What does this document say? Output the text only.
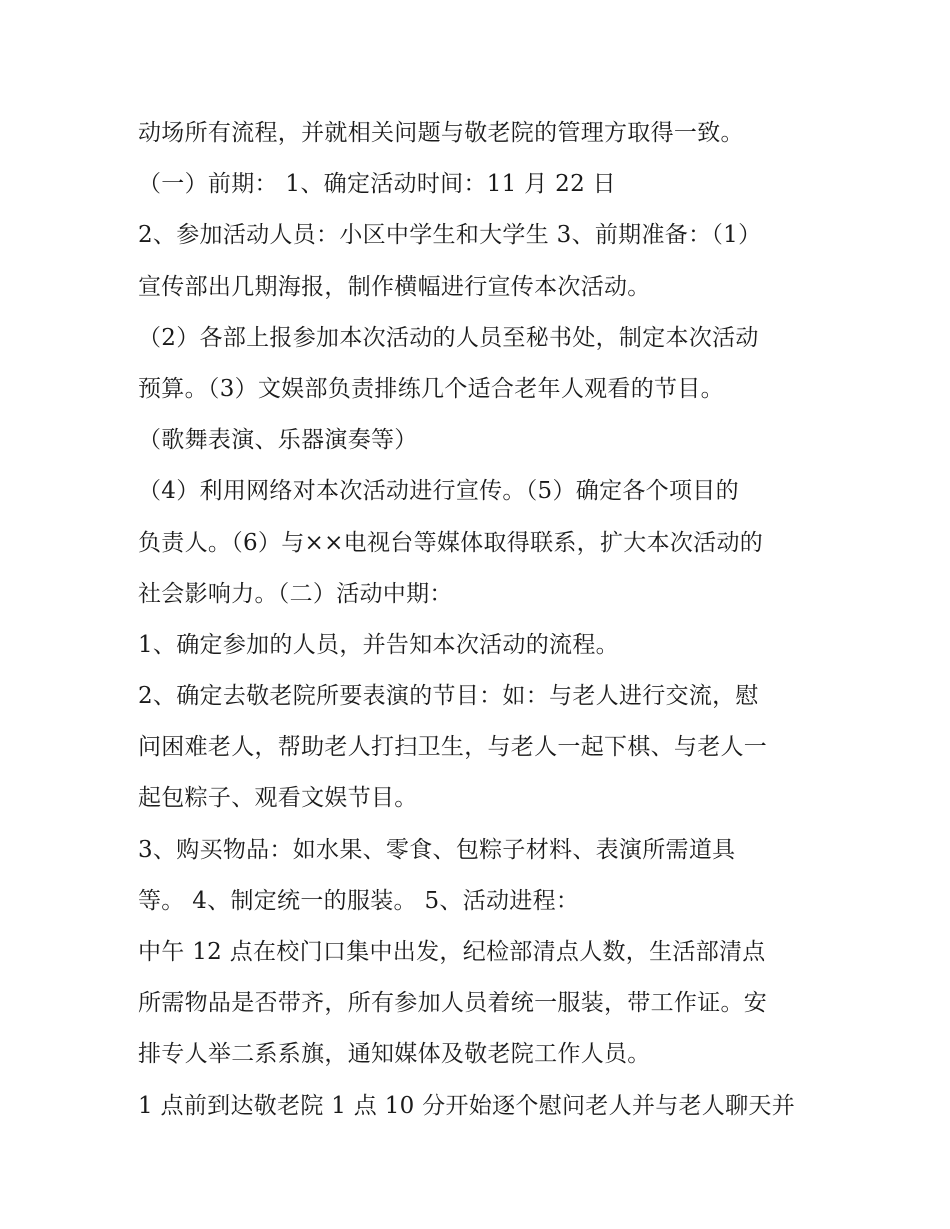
动场所有流程，并就相关问题与敬老院的管理方取得一致。
（一）前期： 1、确定活动时间：11 月 22 日
2、参加活动人员：小区中学生和大学生 3、前期准备：（1）
宣传部出几期海报，制作横幅进行宣传本次活动。
（2）各部上报参加本次活动的人员至秘书处，制定本次活动
预算。（3）文娱部负责排练几个适合老年人观看的节目。
（歌舞表演、乐器演奏等）
（4）利用网络对本次活动进行宣传。（5）确定各个项目的
负责人。（6）与××电视台等媒体取得联系，扩大本次活动的
社会影响力。（二）活动中期：
1、确定参加的人员，并告知本次活动的流程。
2、确定去敬老院所要表演的节目：如：与老人进行交流，慰
问困难老人，帮助老人打扫卫生，与老人一起下棋、与老人一
起包粽子、观看文娱节目。
3、购买物品：如水果、零食、包粽子材料、表演所需道具
等。 4、制定统一的服装。 5、活动进程：
中午 12 点在校门口集中出发，纪检部清点人数，生活部清点
所需物品是否带齐，所有参加人员着统一服装，带工作证。安
排专人举二系系旗，通知媒体及敬老院工作人员。
1 点前到达敬老院 1 点 10 分开始逐个慰问老人并与老人聊天并
